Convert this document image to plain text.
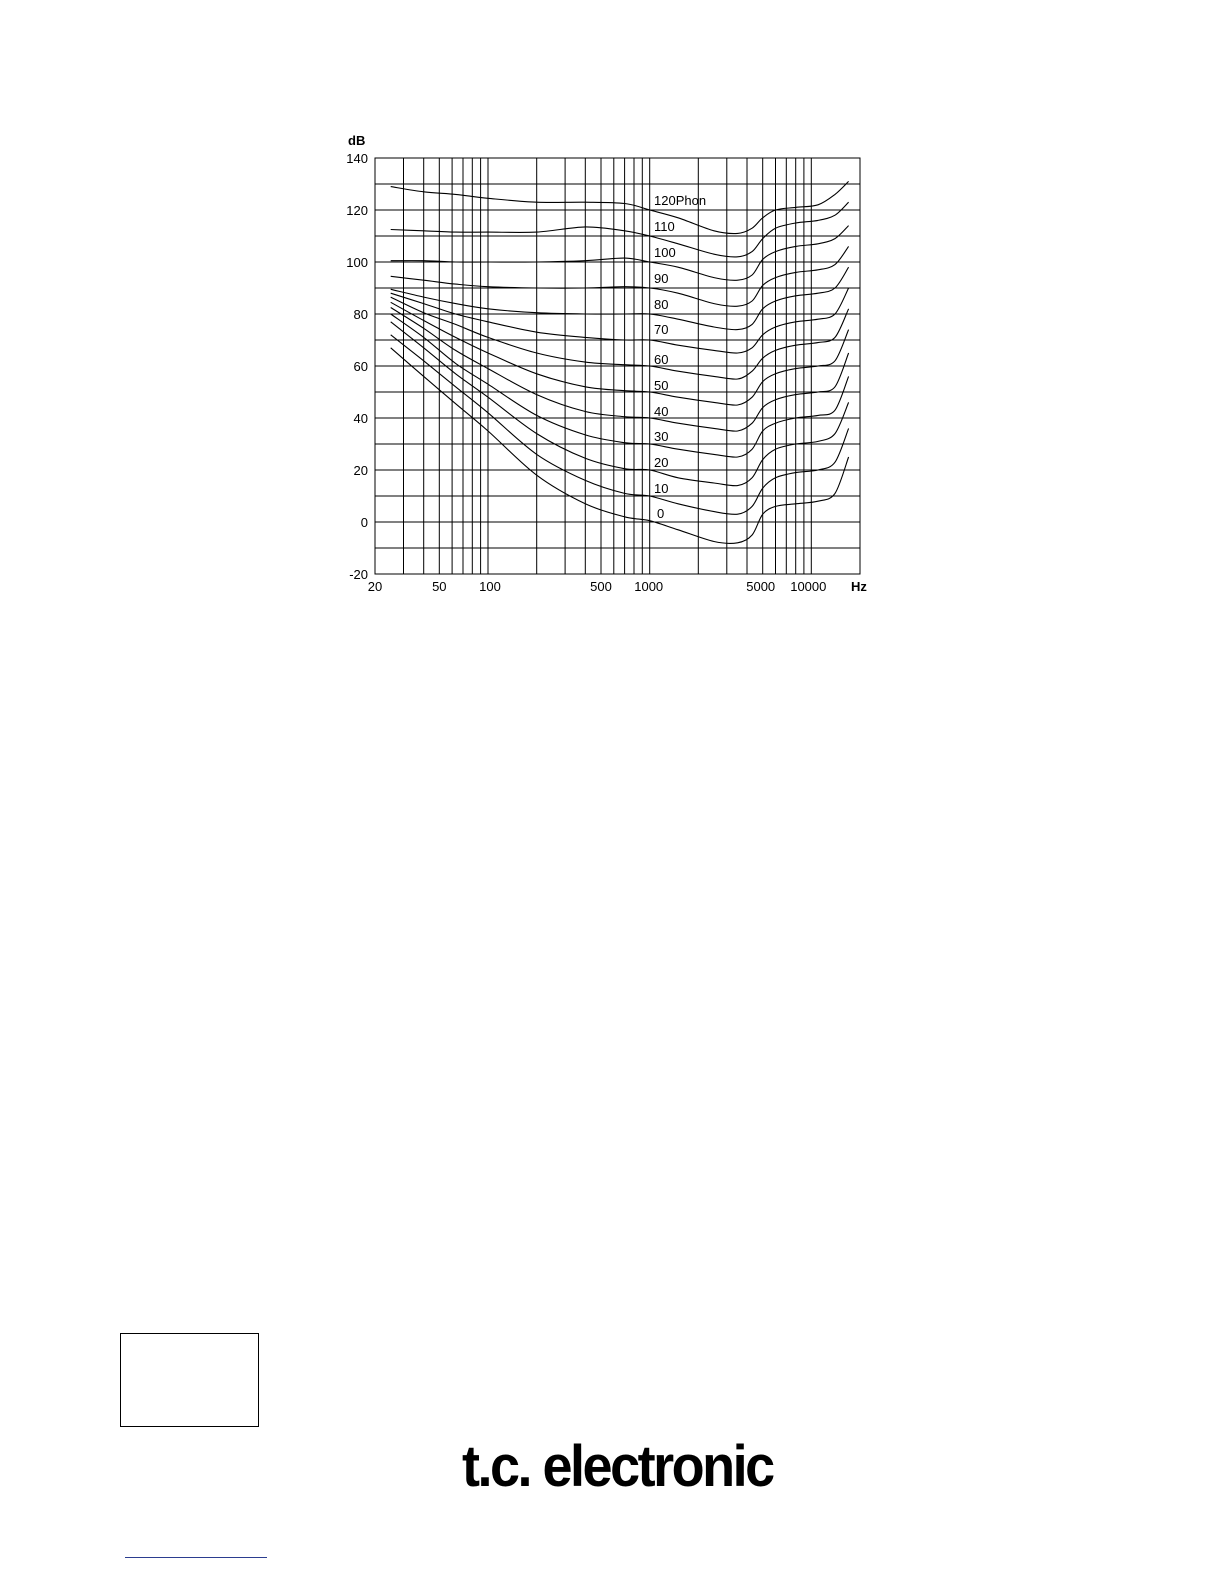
120Phon
110
100
90
80
70
60
50
40
30
20
10
0
140
120
100
80
60
40
20
0
-20
20	50	100	500 1000	5000 10000
dB
Hz
t.c. electronic
